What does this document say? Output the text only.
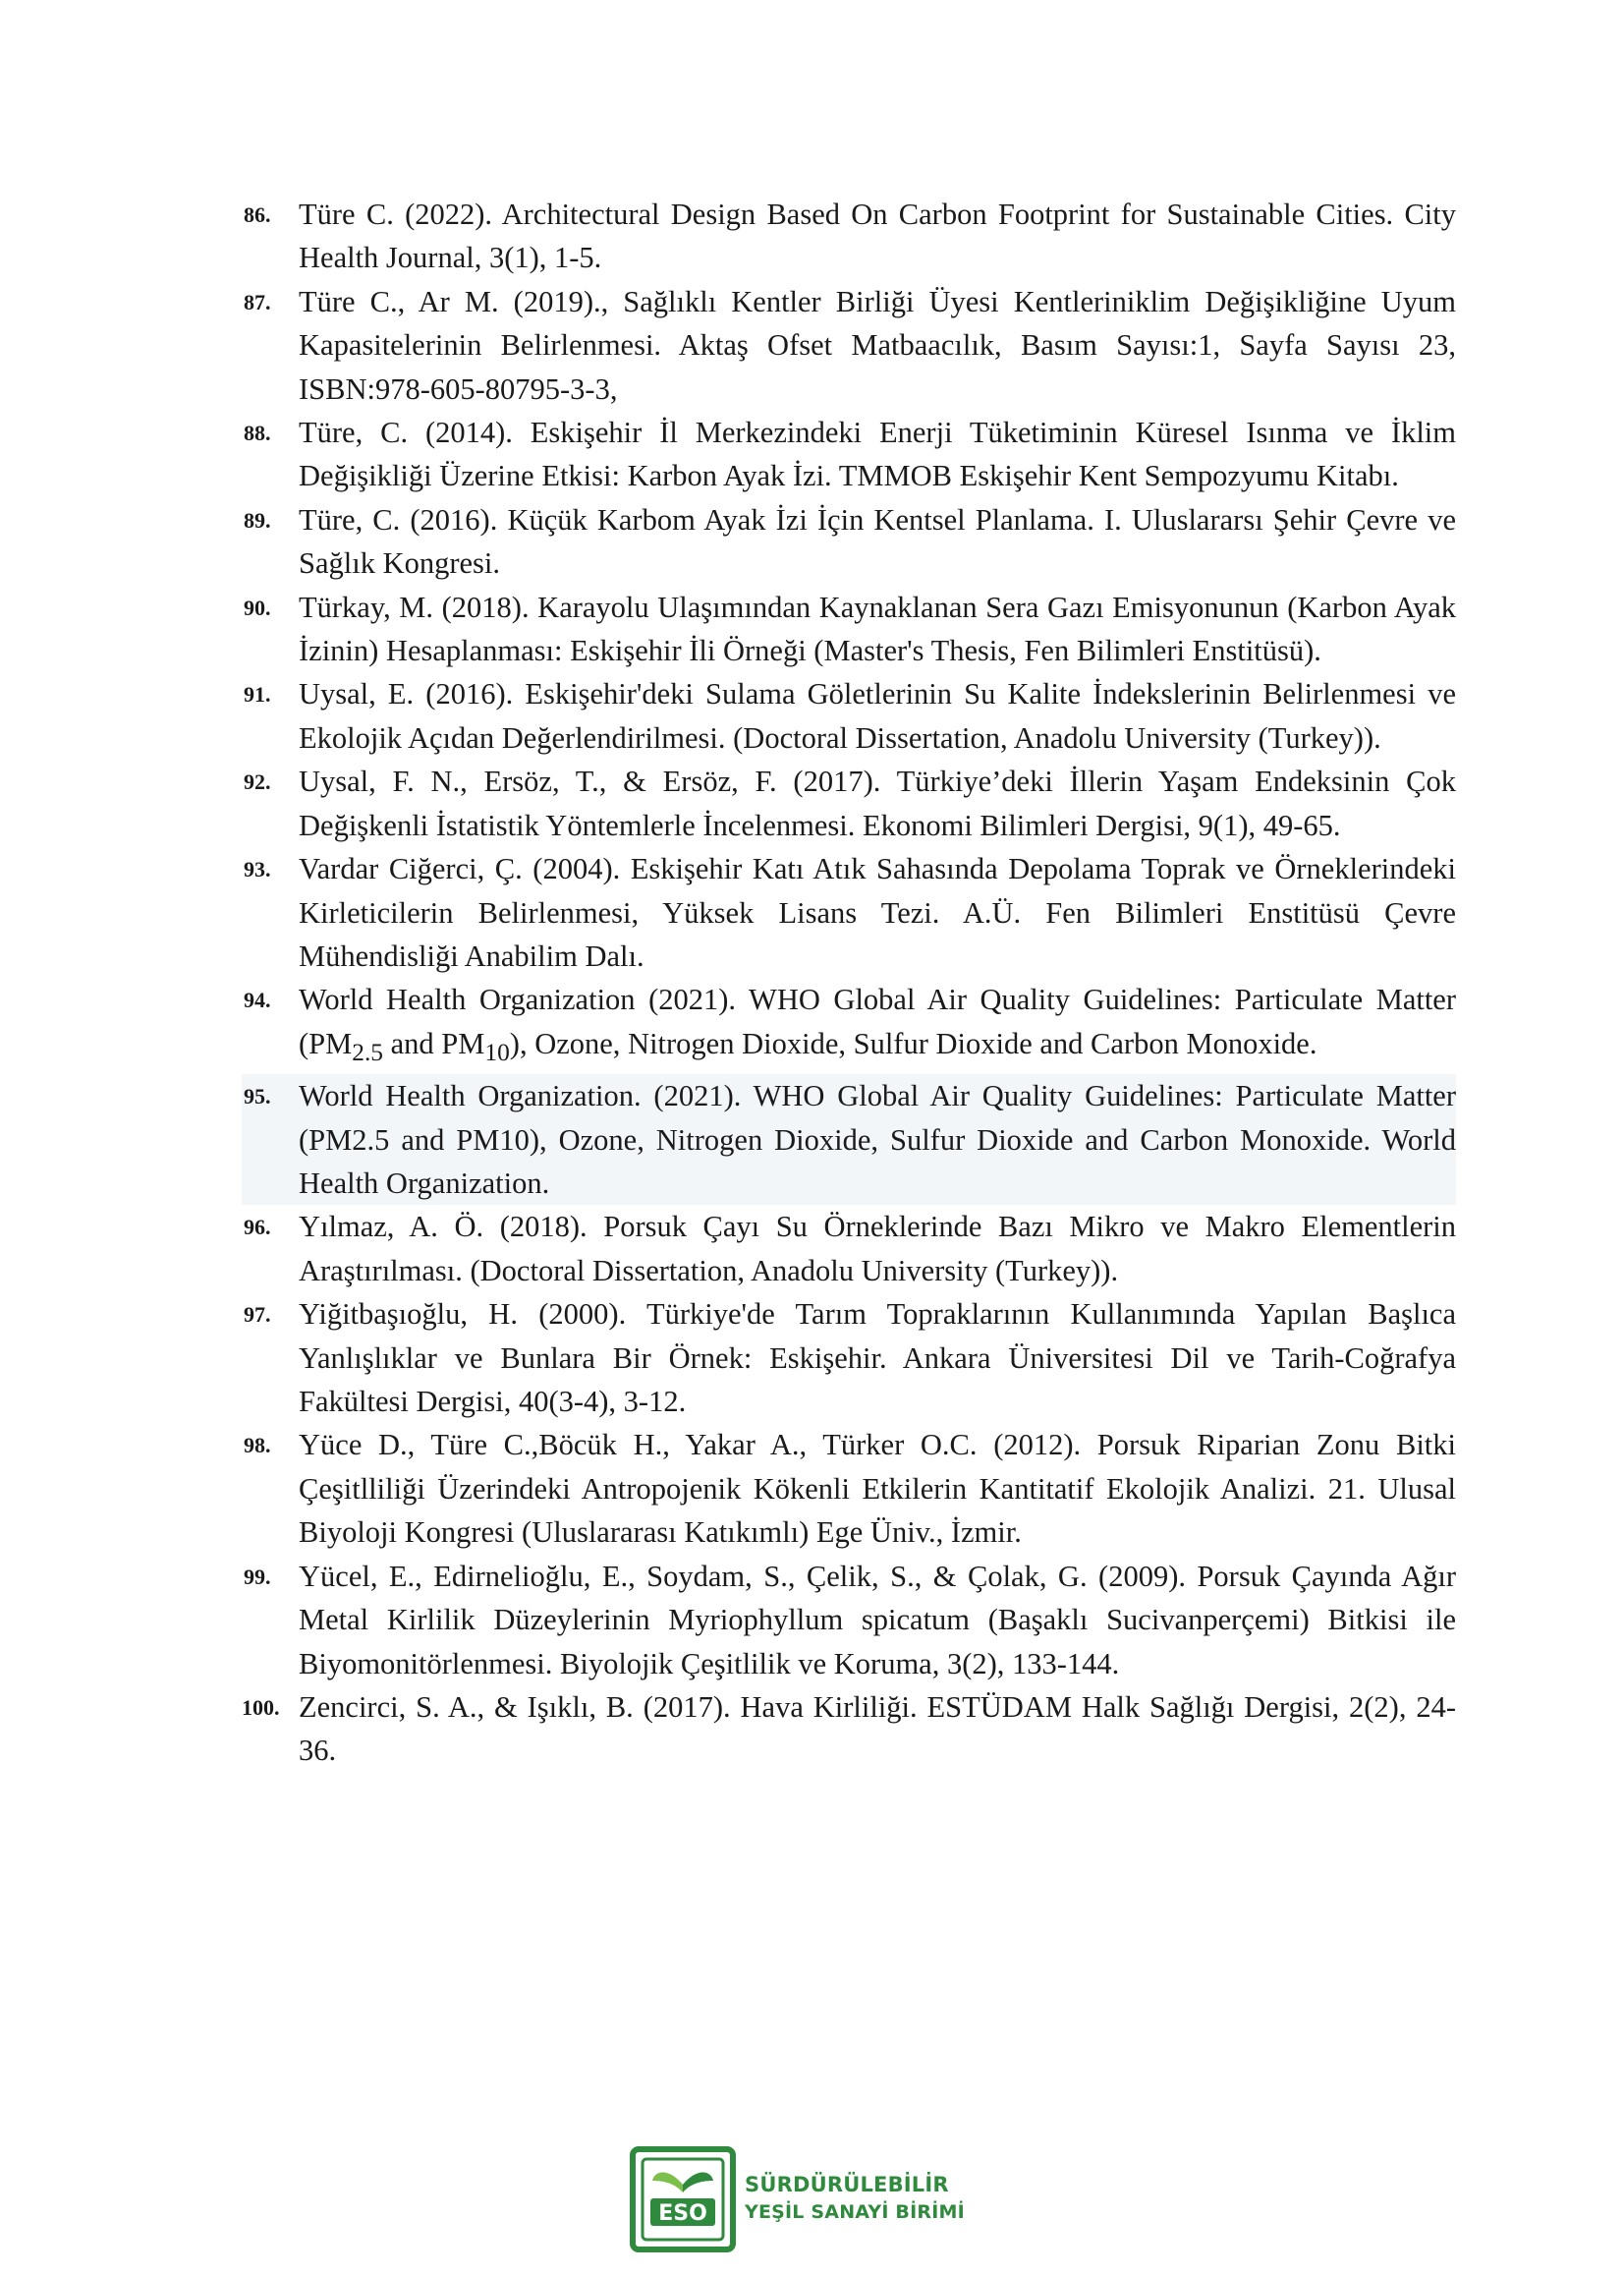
86. Türe C. (2022). Architectural Design Based On Carbon Footprint for Sustainable Cities. City Health Journal, 3(1), 1-5.
87. Türe C., Ar M. (2019)., Sağlıklı Kentler Birliği Üyesi Kentleriniklim Değişikliğine Uyum Kapasitelerinin Belirlenmesi. Aktaş Ofset Matbaacılık, Basım Sayısı:1, Sayfa Sayısı 23, ISBN:978-605-80795-3-3,
88. Türe, C. (2014). Eskişehir İl Merkezindeki Enerji Tüketiminin Küresel Isınma ve İklim Değişikliği Üzerine Etkisi: Karbon Ayak İzi. TMMOB Eskişehir Kent Sempozyumu Kitabı.
89. Türe, C. (2016). Küçük Karbom Ayak İzi İçin Kentsel Planlama. I. Uluslararsı Şehir Çevre ve Sağlık Kongresi.
90. Türkay, M. (2018). Karayolu Ulaşımından Kaynaklanan Sera Gazı Emisyonunun (Karbon Ayak İzinin) Hesaplanması: Eskişehir İli Örneği (Master's Thesis, Fen Bilimleri Enstitüsü).
91. Uysal, E. (2016). Eskişehir'deki Sulama Göletlerinin Su Kalite İndekslerinin Belirlenmesi ve Ekolojik Açıdan Değerlendirilmesi. (Doctoral Dissertation, Anadolu University (Turkey)).
92. Uysal, F. N., Ersöz, T., & Ersöz, F. (2017). Türkiye’deki İllerin Yaşam Endeksinin Çok Değişkenli İstatistik Yöntemlerle İncelenmesi. Ekonomi Bilimleri Dergisi, 9(1), 49-65.
93. Vardar Ciğerci, Ç. (2004). Eskişehir Katı Atık Sahasında Depolama Toprak ve Örneklerindeki Kirleticilerin Belirlenmesi, Yüksek Lisans Tezi. A.Ü. Fen Bilimleri Enstitüsü Çevre Mühendisliği Anabilim Dalı.
94. World Health Organization (2021). WHO Global Air Quality Guidelines: Particulate Matter ($PM_{2.5}$ and $PM_{10}$), Ozone, Nitrogen Dioxide, Sulfur Dioxide and Carbon Monoxide.
95. World Health Organization. (2021). WHO Global Air Quality Guidelines: Particulate Matter (PM2.5 and PM10), Ozone, Nitrogen Dioxide, Sulfur Dioxide and Carbon Monoxide. World Health Organization.
96. Yılmaz, A. Ö. (2018). Porsuk Çayı Su Örneklerinde Bazı Mikro ve Makro Elementlerin Araştırılması. (Doctoral Dissertation, Anadolu University (Turkey)).
97. Yiğitbaşıoğlu, H. (2000). Türkiye'de Tarım Topraklarının Kullanımında Yapılan Başlıca Yanlışlıklar ve Bunlara Bir Örnek: Eskişehir. Ankara Üniversitesi Dil ve Tarih-Coğrafya Fakültesi Dergisi, 40(3-4), 3-12.
98. Yüce D., Türe C.,Böcük H., Yakar A., Türker O.C. (2012). Porsuk Riparian Zonu Bitki Çeşitlliliği Üzerindeki Antropojenik Kökenli Etkilerin Kantitatif Ekolojik Analizi. 21. Ulusal Biyoloji Kongresi (Uluslararası Katıkımlı) Ege Üniv., İzmir.
99. Yücel, E., Edirnelioğlu, E., Soydam, S., Çelik, S., & Çolak, G. (2009). Porsuk Çayında Ağır Metal Kirlilik Düzeylerinin Myriophyllum spicatum (Başaklı Sucivanperçemi) Bitkisi ile Biyomonitörlenmesi. Biyolojik Çeşitlilik ve Koruma, 3(2), 133-144.
100. Zencirci, S. A., & Işıklı, B. (2017). Hava Kirliliği. ESTÜDAM Halk Sağlığı Dergisi, 2(2), 24-36.
ESO
SÜRDÜRÜLEBİLİR
YEŞİL SANAYİ BİRİMİ
